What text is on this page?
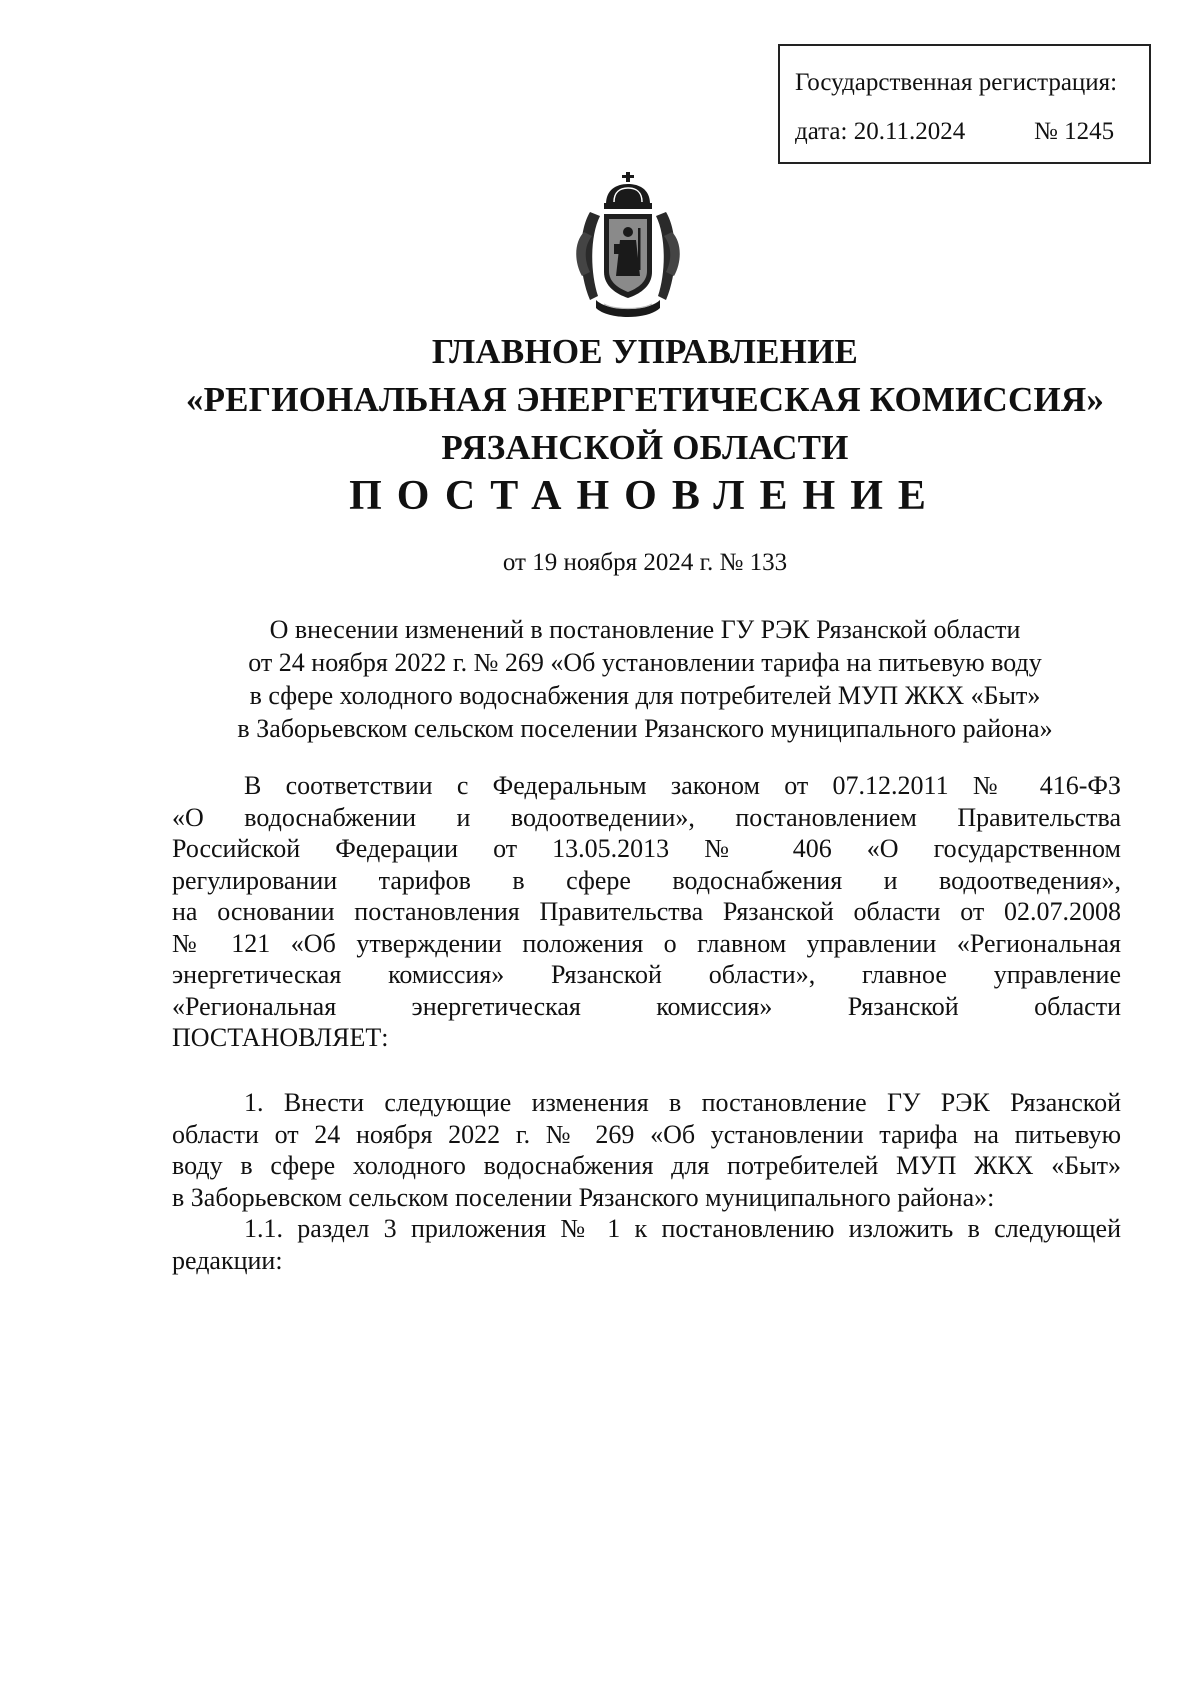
Государственная регистрация:
дата: 20.11.2024	№ 1245
ГЛАВНОЕ УПРАВЛЕНИЕ
«РЕГИОНАЛЬНАЯ ЭНЕРГЕТИЧЕСКАЯ КОМИССИЯ»
РЯЗАНСКОЙ ОБЛАСТИ
ПОСТАНОВЛЕНИЕ
от 19 ноября 2024 г. № 133
О внесении изменений в постановление ГУ РЭК Рязанской области
от 24 ноября 2022 г. № 269 «Об установлении тарифа на питьевую воду
в сфере холодного водоснабжения для потребителей МУП ЖКХ «Быт»
в Заборьевском сельском поселении Рязанского муниципального района»
В соответствии с Федеральным законом от 07.12.2011 № 416-ФЗ
«О водоснабжении и водоотведении», постановлением Правительства
Российской Федерации от 13.05.2013 № 406 «О государственном
регулировании тарифов в сфере водоснабжения и водоотведения»,
на основании постановления Правительства Рязанской области от 02.07.2008
№ 121 «Об утверждении положения о главном управлении «Региональная
энергетическая комиссия» Рязанской области», главное управление
«Региональная энергетическая комиссия» Рязанской области
ПОСТАНОВЛЯЕТ:
1. Внести следующие изменения в постановление ГУ РЭК Рязанской
области от 24 ноября 2022 г. № 269 «Об установлении тарифа на питьевую
воду в сфере холодного водоснабжения для потребителей МУП ЖКХ «Быт»
в Заборьевском сельском поселении Рязанского муниципального района»:
1.1. раздел 3 приложения № 1 к постановлению изложить в следующей
редакции:
